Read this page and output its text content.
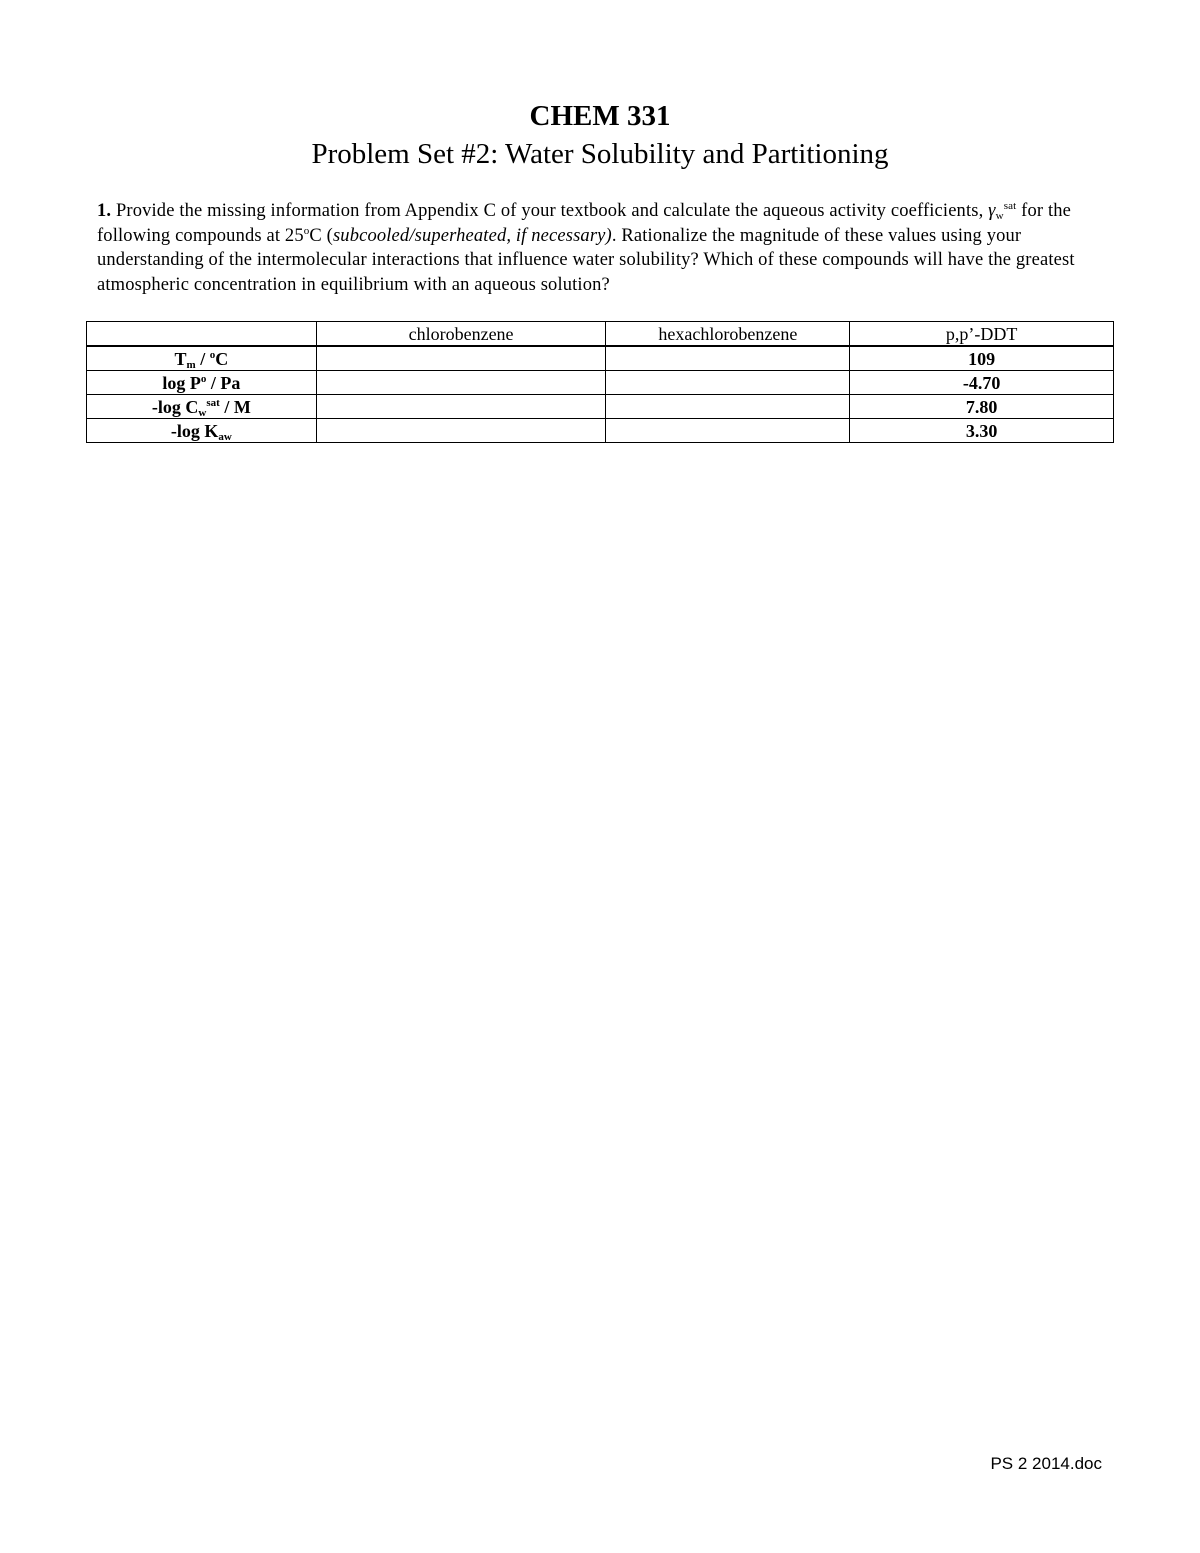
CHEM 331
Problem Set #2: Water Solubility and Partitioning
1. Provide the missing information from Appendix C of your textbook and calculate the aqueous activity coefficients, $\gamma_w^{sat}$ for the following compounds at 25$^o$C (subcooled/superheated, if necessary). Rationalize the magnitude of these values using your understanding of the intermolecular interactions that influence water solubility? Which of these compounds will have the greatest atmospheric concentration in equilibrium with an aqueous solution?
	chlorobenzene	hexachlorobenzene	p,p’-DDT
$T_m / ^oC$			109
$\log P^o$ / Pa			-4.70
-log $C_w^{sat}$ / M			7.80
-log $K_{aw}$			3.30
PS 2 2014.doc
